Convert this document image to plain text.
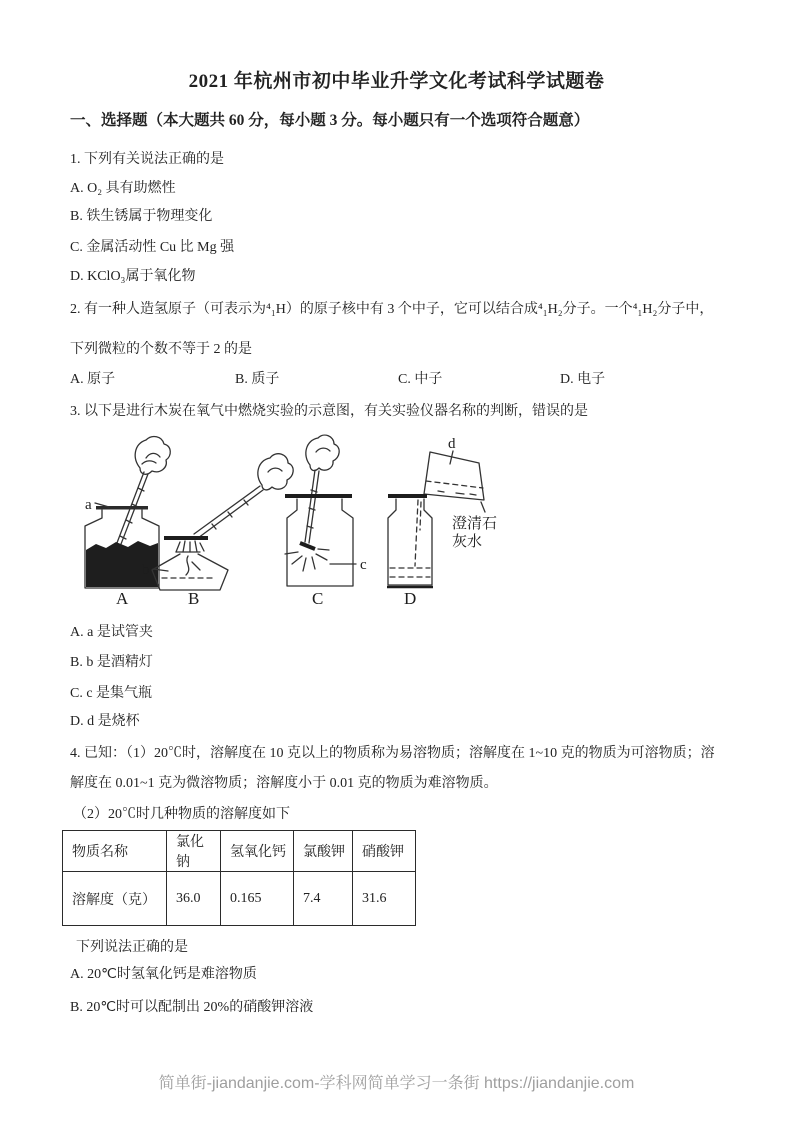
2021 年杭州市初中毕业升学文化考试科学试题卷
一、选择题（本大题共 60 分，每小题 3 分。每小题只有一个选项符合题意）
1. 下列有关说法正确的是
A. O₂ 具有助燃性
B. 铁生锈属于物理变化
C. 金属活动性 Cu 比 Mg 强
D. KClO₃属于氧化物
2. 有一种人造氢原子（可表示为⁴₁H）的原子核中有 3 个中子，它可以结合成⁴₁H₂分子。一个⁴₁H₂分子中，
下列微粒的个数不等于 2 的是
A. 原子	B. 质子	C. 中子	D. 电子
3. 以下是进行木炭在氧气中燃烧实验的示意图，有关实验仪器名称的判断，错误的是
a
A
b
B
c
C
d
澄清石
灰水
D
A. a 是试管夹
B. b 是酒精灯
C. c 是集气瓶
D. d 是烧杯
4. 已知：（1）20℃时，溶解度在 10 克以上的物质称为易溶物质；溶解度在 1~10 克的物质为可溶物质；溶
解度在 0.01~1 克为微溶物质；溶解度小于 0.01 克的物质为难溶物质。
（2）20℃时几种物质的溶解度如下
物质名称	氯化钠	氢氧化钙	氯酸钾	硝酸钾
溶解度（克）	36.0	0.165	7.4	31.6
下列说法正确的是
A. 20℃时氢氧化钙是难溶物质
B. 20℃时可以配制出 20%的硝酸钾溶液
简单街-jiandanjie.com-学科网简单学习一条街 https://jiandanjie.com
